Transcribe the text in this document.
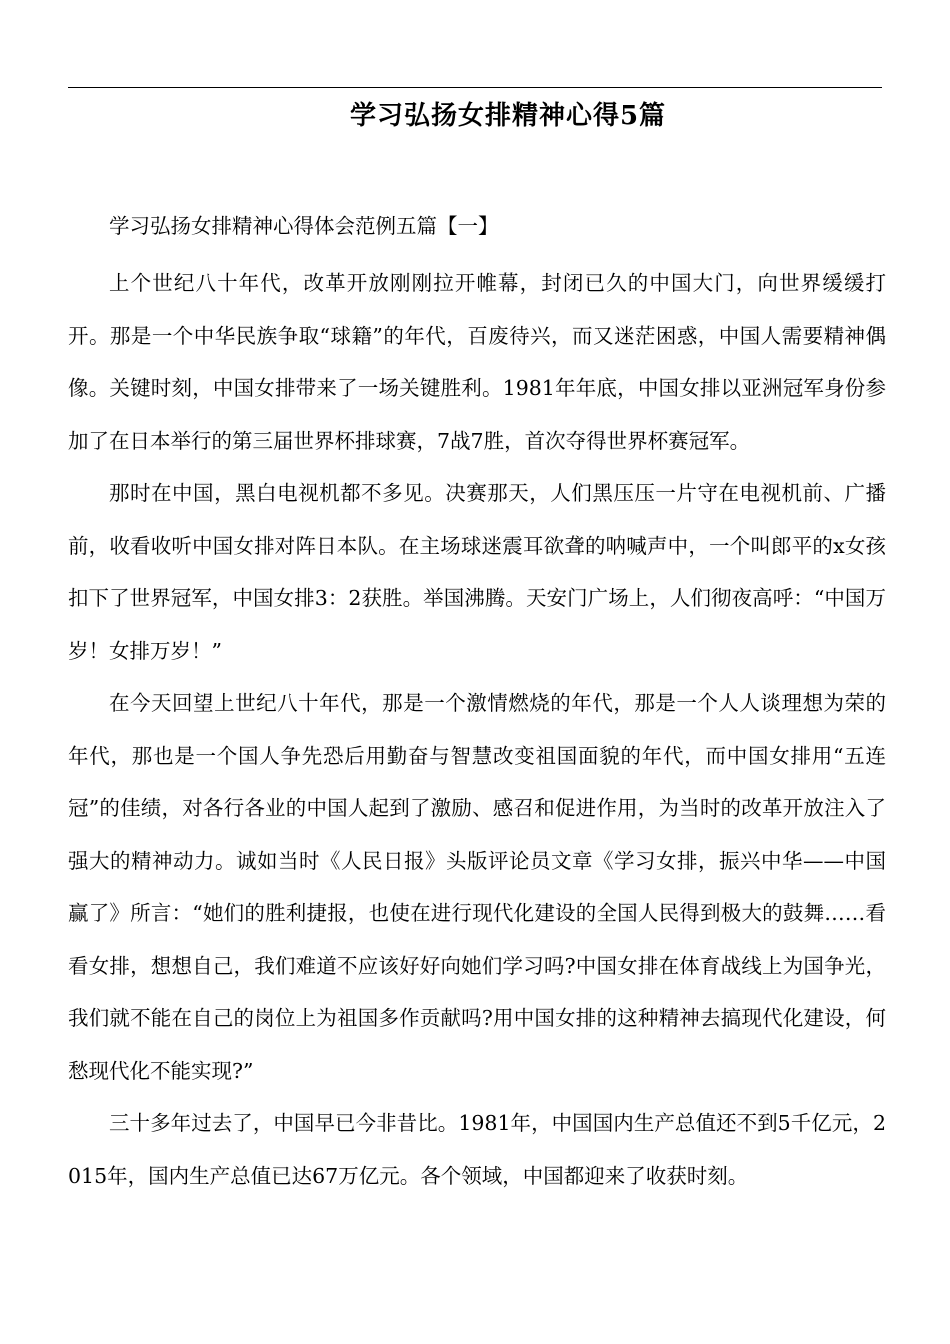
学习弘扬女排精神心得5篇

学习弘扬女排精神心得体会范例五篇【一】

上个世纪八十年代，改革开放刚刚拉开帷幕，封闭已久的中国大门，向世界缓缓打开。那是一个中华民族争取“球籍”的年代，百废待兴，而又迷茫困惑，中国人需要精神偶像。关键时刻，中国女排带来了一场关键胜利。1981年年底，中国女排以亚洲冠军身份参加了在日本举行的第三届世界杯排球赛，7战7胜，首次夺得世界杯赛冠军。

那时在中国，黑白电视机都不多见。决赛那天，人们黑压压一片守在电视机前、广播前，收看收听中国女排对阵日本队。在主场球迷震耳欲聋的呐喊声中，一个叫郎平的x女孩扣下了世界冠军，中国女排3：2获胜。举国沸腾。天安门广场上，人们彻夜高呼：“中国万岁！女排万岁！”

在今天回望上世纪八十年代，那是一个激情燃烧的年代，那是一个人人谈理想为荣的年代，那也是一个国人争先恐后用勤奋与智慧改变祖国面貌的年代，而中国女排用“五连冠”的佳绩，对各行各业的中国人起到了激励、感召和促进作用，为当时的改革开放注入了强大的精神动力。诚如当时《人民日报》头版评论员文章《学习女排，振兴中华——中国赢了》所言：“她们的胜利捷报，也使在进行现代化建设的全国人民得到极大的鼓舞……看看女排，想想自己，我们难道不应该好好向她们学习吗?中国女排在体育战线上为国争光，我们就不能在自己的岗位上为祖国多作贡献吗?用中国女排的这种精神去搞现代化建设，何愁现代化不能实现?”

三十多年过去了，中国早已今非昔比。1981年，中国国内生产总值还不到5千亿元，2015年，国内生产总值已达67万亿元。各个领域，中国都迎来了收获时刻。
